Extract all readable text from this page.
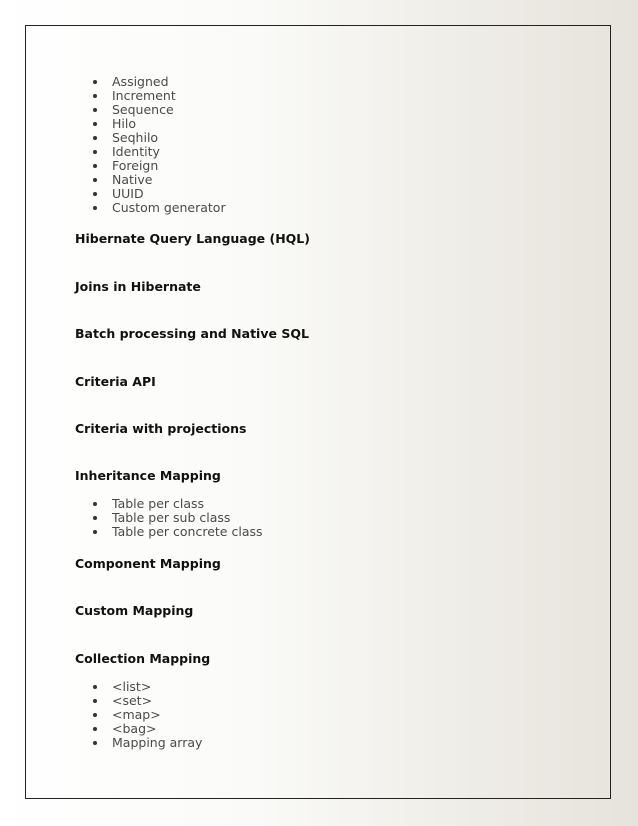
Assigned
Increment
Sequence
Hilo
Seqhilo
Identity
Foreign
Native
UUID
Custom generator
Hibernate Query Language (HQL)
Joins in Hibernate
Batch processing and Native SQL
Criteria API
Criteria with projections
Inheritance Mapping
Table per class
Table per sub class
Table per concrete class
Component Mapping
Custom Mapping
Collection Mapping
<list>
<set>
<map>
<bag>
Mapping array
